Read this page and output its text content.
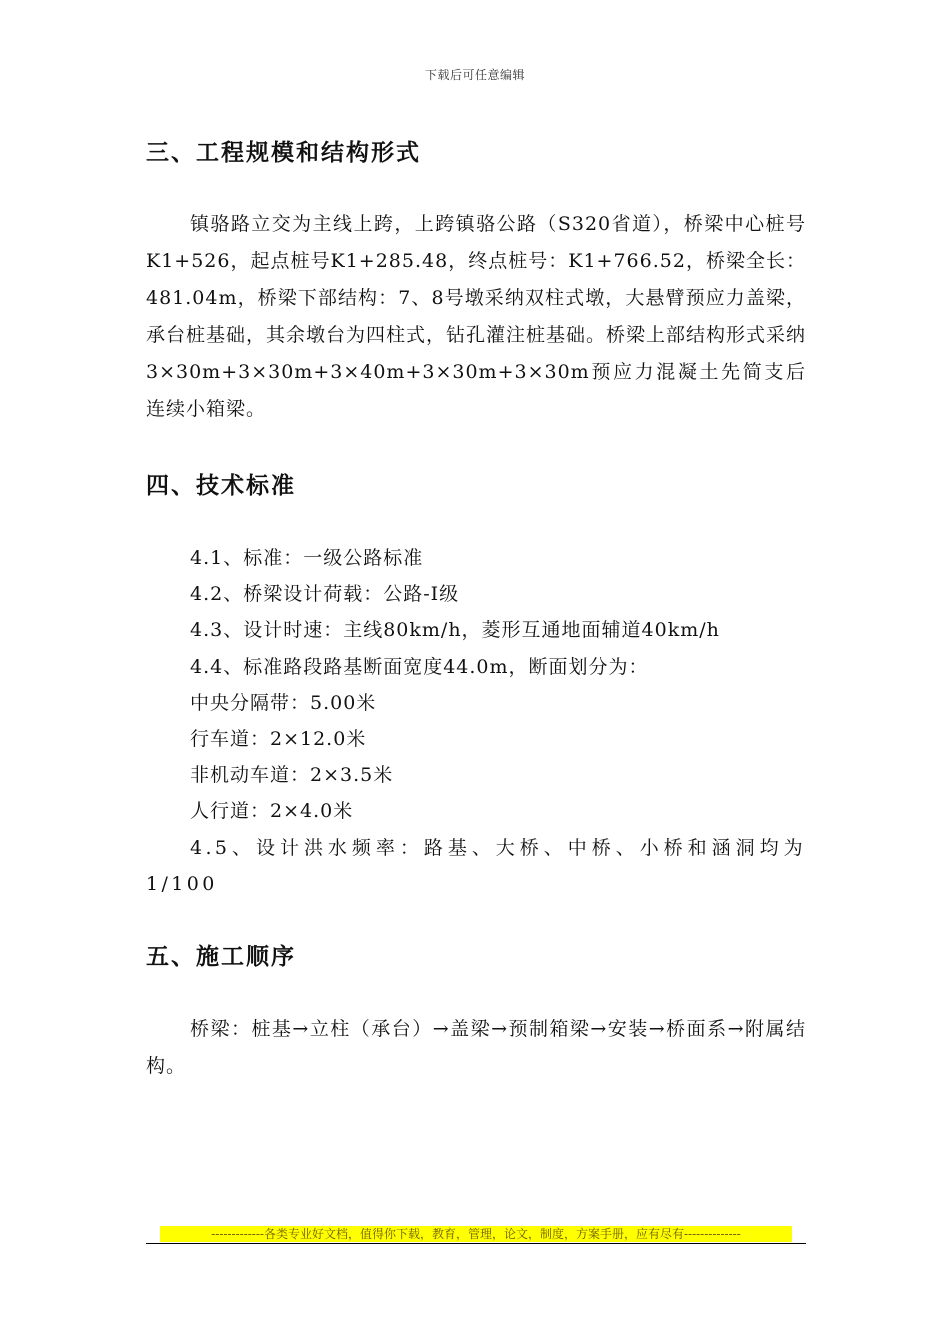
下载后可任意编辑
三、工程规模和结构形式

镇骆路立交为主线上跨，上跨镇骆公路（S320省道），桥梁中心桩号K1+526，起点桩号K1+285.48，终点桩号：K1+766.52，桥梁全长：481.04m，桥梁下部结构：7、8号墩采纳双柱式墩，大悬臂预应力盖梁，承台桩基础，其余墩台为四柱式，钻孔灌注桩基础。桥梁上部结构形式采纳3×30m+3×30m+3×40m+3×30m+3×30m预应力混凝土先简支后连续小箱梁。

四、技术标准
4.1、标准：一级公路标准
4.2、桥梁设计荷载：公路-Ⅰ级
4.3、设计时速：主线80km/h，菱形互通地面辅道40km/h
4.4、标准路段路基断面宽度44.0m，断面划分为：
中央分隔带：5.00米
行车道：2×12.0米
非机动车道：2×3.5米
人行道：2×4.0米
4.5、设计洪水频率：路基、大桥、中桥、小桥和涵洞均为1/100
五、施工顺序

桥梁：桩基→立柱（承台）→盖梁→预制箱梁→安装→桥面系→附属结构。

-------------各类专业好文档，值得你下载，教育，管理，论文，制度，方案手册，应有尽有--------------
